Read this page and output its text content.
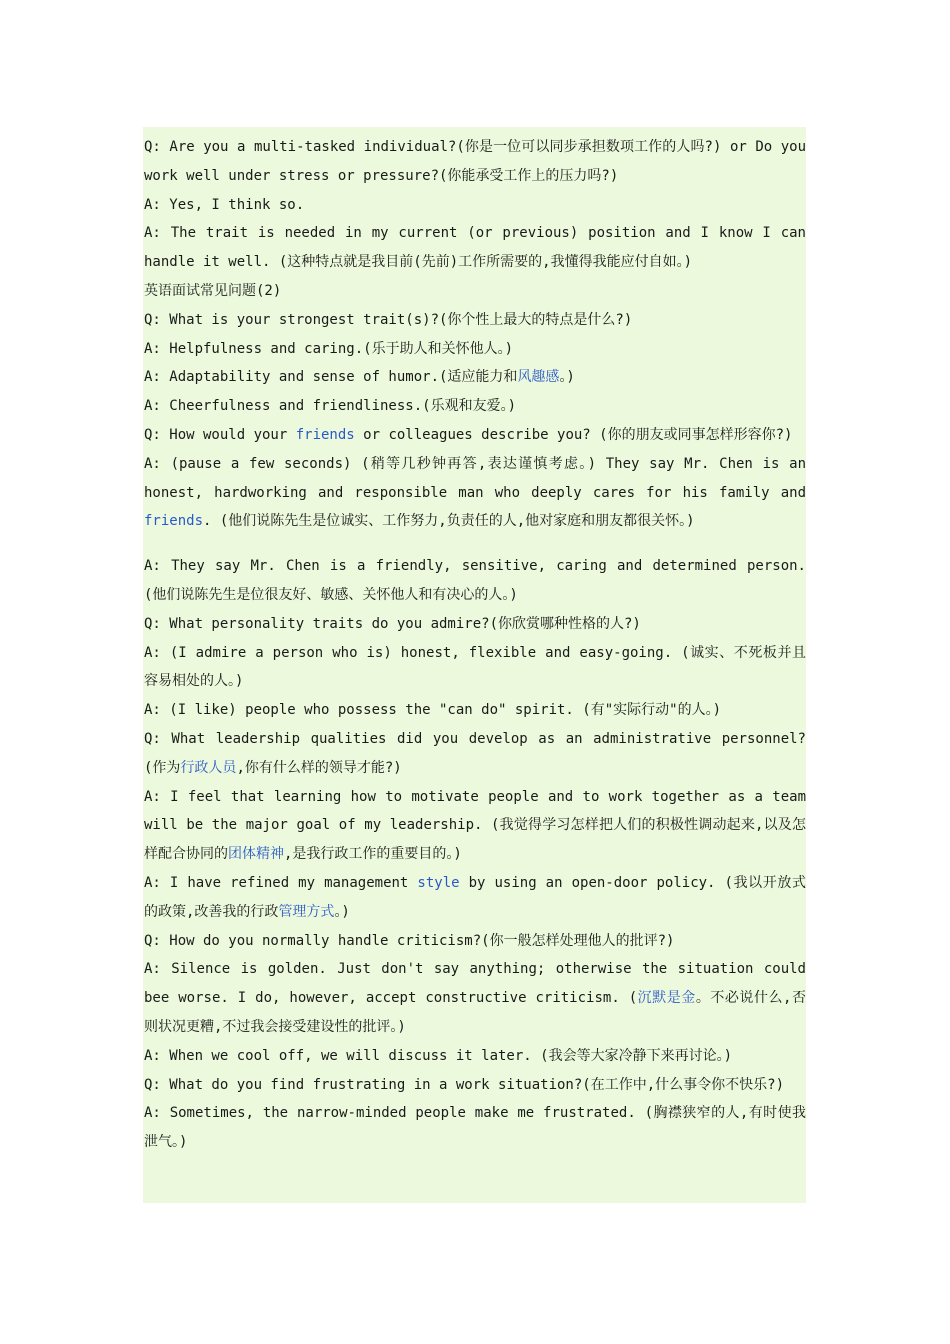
Q: Are you a multi-tasked individual?(你是一位可以同步承担数项工作的人吗?) or Do you work well under stress or pressure?(你能承受工作上的压力吗?)
A: Yes, I think so.
A: The trait is needed in my current (or previous) position and I know I can handle it well. (这种特点就是我目前(先前)工作所需要的,我懂得我能应付自如。)
英语面试常见问题(2)
Q: What is your strongest trait(s)?(你个性上最大的特点是什么?)
A: Helpfulness and caring.(乐于助人和关怀他人。)
A: Adaptability and sense of humor.(适应能力和风趣感。)
A: Cheerfulness and friendliness.(乐观和友爱。)
Q: How would your friends or colleagues describe you? (你的朋友或同事怎样形容你?)
A: (pause a few seconds) (稍等几秒钟再答,表达谨慎考虑。) They say Mr. Chen is an honest, hardworking and responsible man who deeply cares for his family and friends. (他们说陈先生是位诚实、工作努力,负责任的人,他对家庭和朋友都很关怀。)
A: They say Mr. Chen is a friendly, sensitive, caring and determined person. (他们说陈先生是位很友好、敏感、关怀他人和有决心的人。)
Q: What personality traits do you admire?(你欣赏哪种性格的人?)
A: (I admire a person who is) honest, flexible and easy-going. (诚实、不死板并且容易相处的人。)
A: (I like) people who possess the "can do" spirit. (有"实际行动"的人。)
Q: What leadership qualities did you develop as an administrative personnel? (作为行政人员,你有什么样的领导才能?)
A: I feel that learning how to motivate people and to work together as a team will be the major goal of my leadership. (我觉得学习怎样把人们的积极性调动起来,以及怎样配合协同的团体精神,是我行政工作的重要目的。)
A: I have refined my management style by using an open-door policy. (我以开放式的政策,改善我的行政管理方式。)
Q: How do you normally handle criticism?(你一般怎样处理他人的批评?)
A: Silence is golden. Just don't say anything; otherwise the situation could bee worse. I do, however, accept constructive criticism. (沉默是金。不必说什么,否则状况更糟,不过我会接受建设性的批评。)
A: When we cool off, we will discuss it later. (我会等大家冷静下来再讨论。)
Q: What do you find frustrating in a work situation?(在工作中,什么事令你不快乐?)
A: Sometimes, the narrow-minded people make me frustrated. (胸襟狭窄的人,有时使我泄气。)
